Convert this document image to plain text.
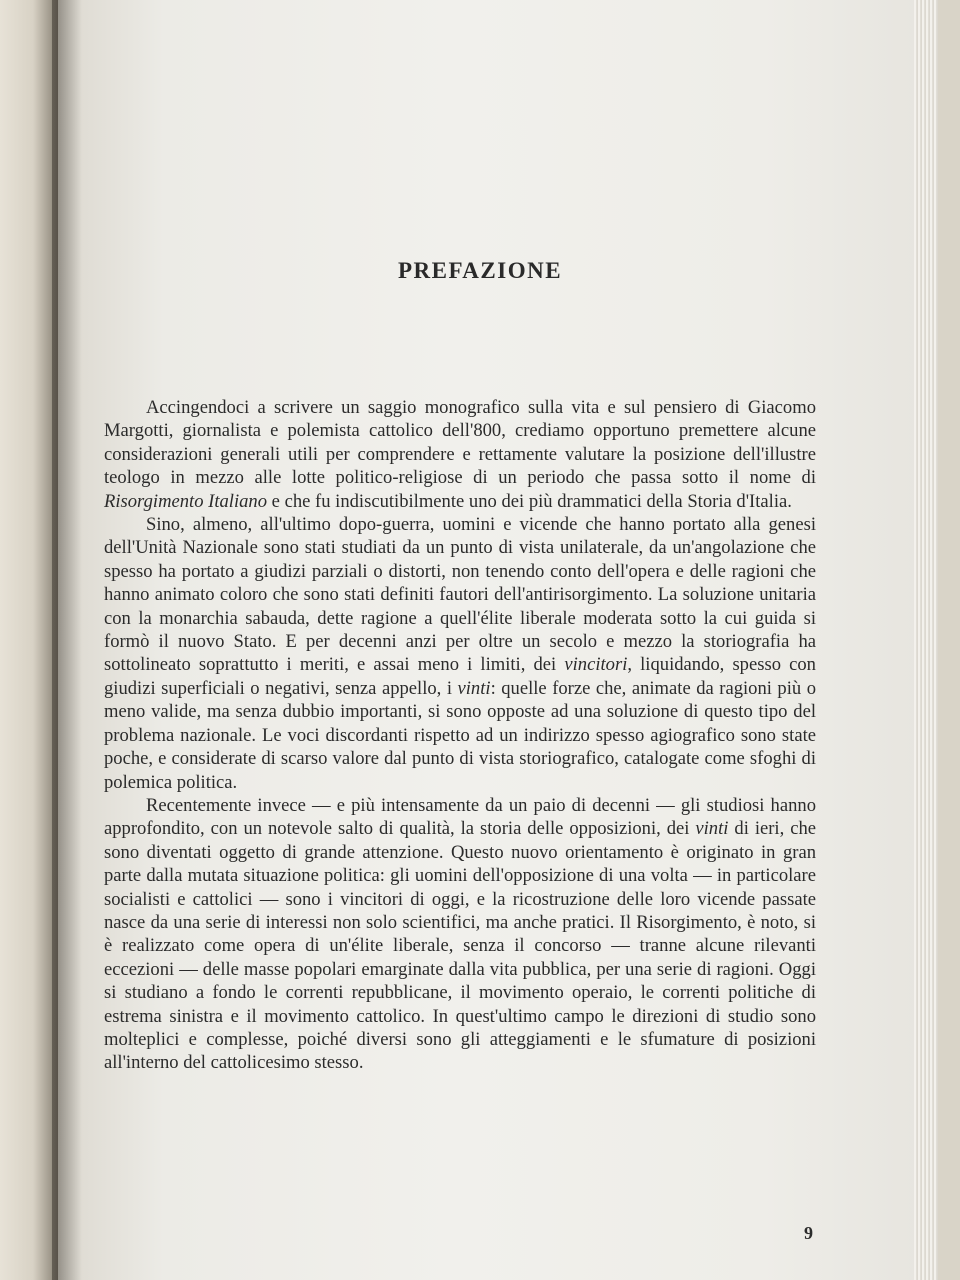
PREFAZIONE

Accingendoci a scrivere un saggio monografico sulla vita e sul pensiero di Giacomo Margotti, giornalista e polemista cattolico dell'800, crediamo opportuno premettere alcune considerazioni generali utili per comprendere e rettamente valutare la posizione dell'illustre teologo in mezzo alle lotte politico-religiose di un periodo che passa sotto il nome di Risorgimento Italiano e che fu indiscutibilmente uno dei più drammatici della Storia d'Italia.

Sino, almeno, all'ultimo dopo-guerra, uomini e vicende che hanno portato alla genesi dell'Unità Nazionale sono stati studiati da un punto di vista unilaterale, da un'angolazione che spesso ha portato a giudizi parziali o distorti, non tenendo conto dell'opera e delle ragioni che hanno animato coloro che sono stati definiti fautori dell'antirisorgimento. La soluzione unitaria con la monarchia sabauda, dette ragione a quell'élite liberale moderata sotto la cui guida si formò il nuovo Stato. E per decenni anzi per oltre un secolo e mezzo la storiografia ha sottolineato soprattutto i meriti, e assai meno i limiti, dei vincitori, liquidando, spesso con giudizi superficiali o negativi, senza appello, i vinti: quelle forze che, animate da ragioni più o meno valide, ma senza dubbio importanti, si sono opposte ad una soluzione di questo tipo del problema nazionale. Le voci discordanti rispetto ad un indirizzo spesso agiografico sono state poche, e considerate di scarso valore dal punto di vista storiografico, catalogate come sfoghi di polemica politica.

Recentemente invece — e più intensamente da un paio di decenni — gli studiosi hanno approfondito, con un notevole salto di qualità, la storia delle opposizioni, dei vinti di ieri, che sono diventati oggetto di grande attenzione. Questo nuovo orientamento è originato in gran parte dalla mutata situazione politica: gli uomini dell'opposizione di una volta — in particolare socialisti e cattolici — sono i vincitori di oggi, e la ricostruzione delle loro vicende passate nasce da una serie di interessi non solo scientifici, ma anche pratici. Il Risorgimento, è noto, si è realizzato come opera di un'élite liberale, senza il concorso — tranne alcune rilevanti eccezioni — delle masse popolari emarginate dalla vita pubblica, per una serie di ragioni. Oggi si studiano a fondo le correnti repubblicane, il movimento operaio, le correnti politiche di estrema sinistra e il movimento cattolico. In quest'ultimo campo le direzioni di studio sono molteplici e complesse, poiché diversi sono gli atteggiamenti e le sfumature di posizioni all'interno del cattolicesimo stesso.

9
